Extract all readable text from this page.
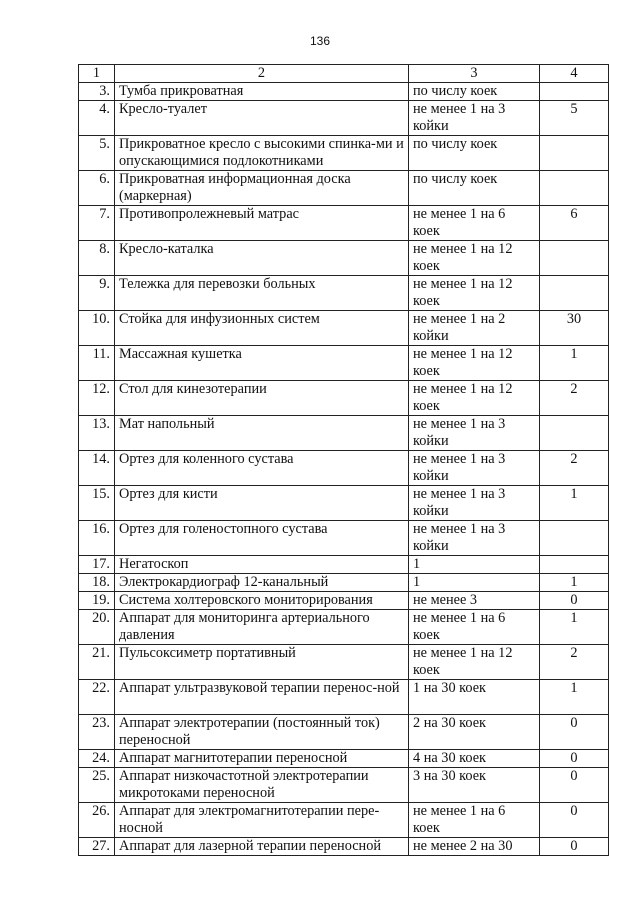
136
1	2	3	4
3.	Тумба прикроватная	по числу коек	
4.	Кресло-туалет	не менее 1 на 3 койки	5
5.	Прикроватное кресло с высокими спинка-ми и опускающимися подлокотниками	по числу коек	
6.	Прикроватная информационная доска (маркерная)	по числу коек	
7.	Противопролежневый матрас	не менее 1 на 6 коек	6
8.	Кресло-каталка	не менее 1 на 12 коек	
9.	Тележка для перевозки больных	не менее 1 на 12 коек	
10.	Стойка для инфузионных систем	не менее 1 на 2 койки	30
11.	Массажная кушетка	не менее 1 на 12 коек	1
12.	Стол для кинезотерапии	не менее 1 на 12 коек	2
13.	Мат напольный	не менее 1 на 3 койки	
14.	Ортез для коленного сустава	не менее 1 на 3 койки	2
15.	Ортез для кисти	не менее 1 на 3 койки	1
16.	Ортез для голеностопного сустава	не менее 1 на 3 койки	
17.	Негатоскоп	1	
18.	Электрокардиограф 12-канальный	1	1
19.	Система холтеровского мониторирования	не менее 3	0
20.	Аппарат для мониторинга артериального давления	не менее 1 на 6 коек	1
21.	Пульсоксиметр портативный	не менее 1 на 12 коек	2
22.	Аппарат ультразвуковой терапии перенос-ной	1 на 30 коек	1
23.	Аппарат электротерапии (постоянный ток) переносной	2 на 30 коек	0
24.	Аппарат магнитотерапии переносной	4 на 30 коек	0
25.	Аппарат низкочастотной электротерапии микротоками переносной	3 на 30 коек	0
26.	Аппарат для электромагнитотерапии пере-носной	не менее 1 на 6 коек	0
27.	Аппарат для лазерной терапии переносной	не менее 2 на 30	0
